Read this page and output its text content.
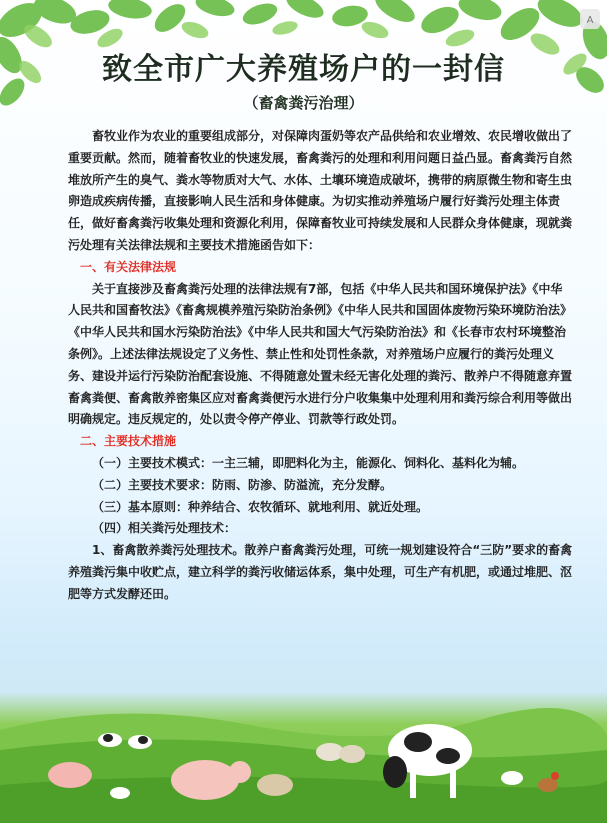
A
致全市广大养殖场户的一封信
（畜禽粪污治理）

畜牧业作为农业的重要组成部分，对保障肉蛋奶等农产品供给和农业增效、农民增收做出了重要贡献。然而，随着畜牧业的快速发展，畜禽粪污的处理和利用问题日益凸显。畜禽粪污自然堆放所产生的臭气、粪水等物质对大气、水体、土壤环境造成破坏，携带的病原微生物和寄生虫卵造成疾病传播，直接影响人民生活和身体健康。为切实推动养殖场户履行好粪污处理主体责任，做好畜禽粪污收集处理和资源化利用，保障畜牧业可持续发展和人民群众身体健康，现就粪污处理有关法律法规和主要技术措施函告如下：

一、有关法律法规

关于直接涉及畜禽粪污处理的法律法规有7部，包括《中华人民共和国环境保护法》《中华人民共和国畜牧法》《畜禽规模养殖污染防治条例》《中华人民共和国固体废物污染环境防治法》《中华人民共和国水污染防治法》《中华人民共和国大气污染防治法》和《长春市农村环境整治条例》。上述法律法规设定了义务性、禁止性和处罚性条款，对养殖场户应履行的粪污处理义务、建设并运行污染防治配套设施、不得随意处置未经无害化处理的粪污、散养户不得随意弃置畜禽粪便、畜禽散养密集区应对畜禽粪便污水进行分户收集集中处理利用和粪污综合利用等做出明确规定。违反规定的，处以责令停产停业、罚款等行政处罚。

二、主要技术措施

（一）主要技术模式：一主三辅，即肥料化为主，能源化、饲料化、基料化为辅。

（二）主要技术要求：防雨、防渗、防溢流，充分发酵。

（三）基本原则：种养结合、农牧循环、就地利用、就近处理。

（四）相关粪污处理技术：

1、畜禽散养粪污处理技术。散养户畜禽粪污处理，可统一规划建设符合“三防”要求的畜禽养殖粪污集中收贮点，建立科学的粪污收储运体系，集中处理，可生产有机肥，或通过堆肥、沤肥等方式发酵还田。
